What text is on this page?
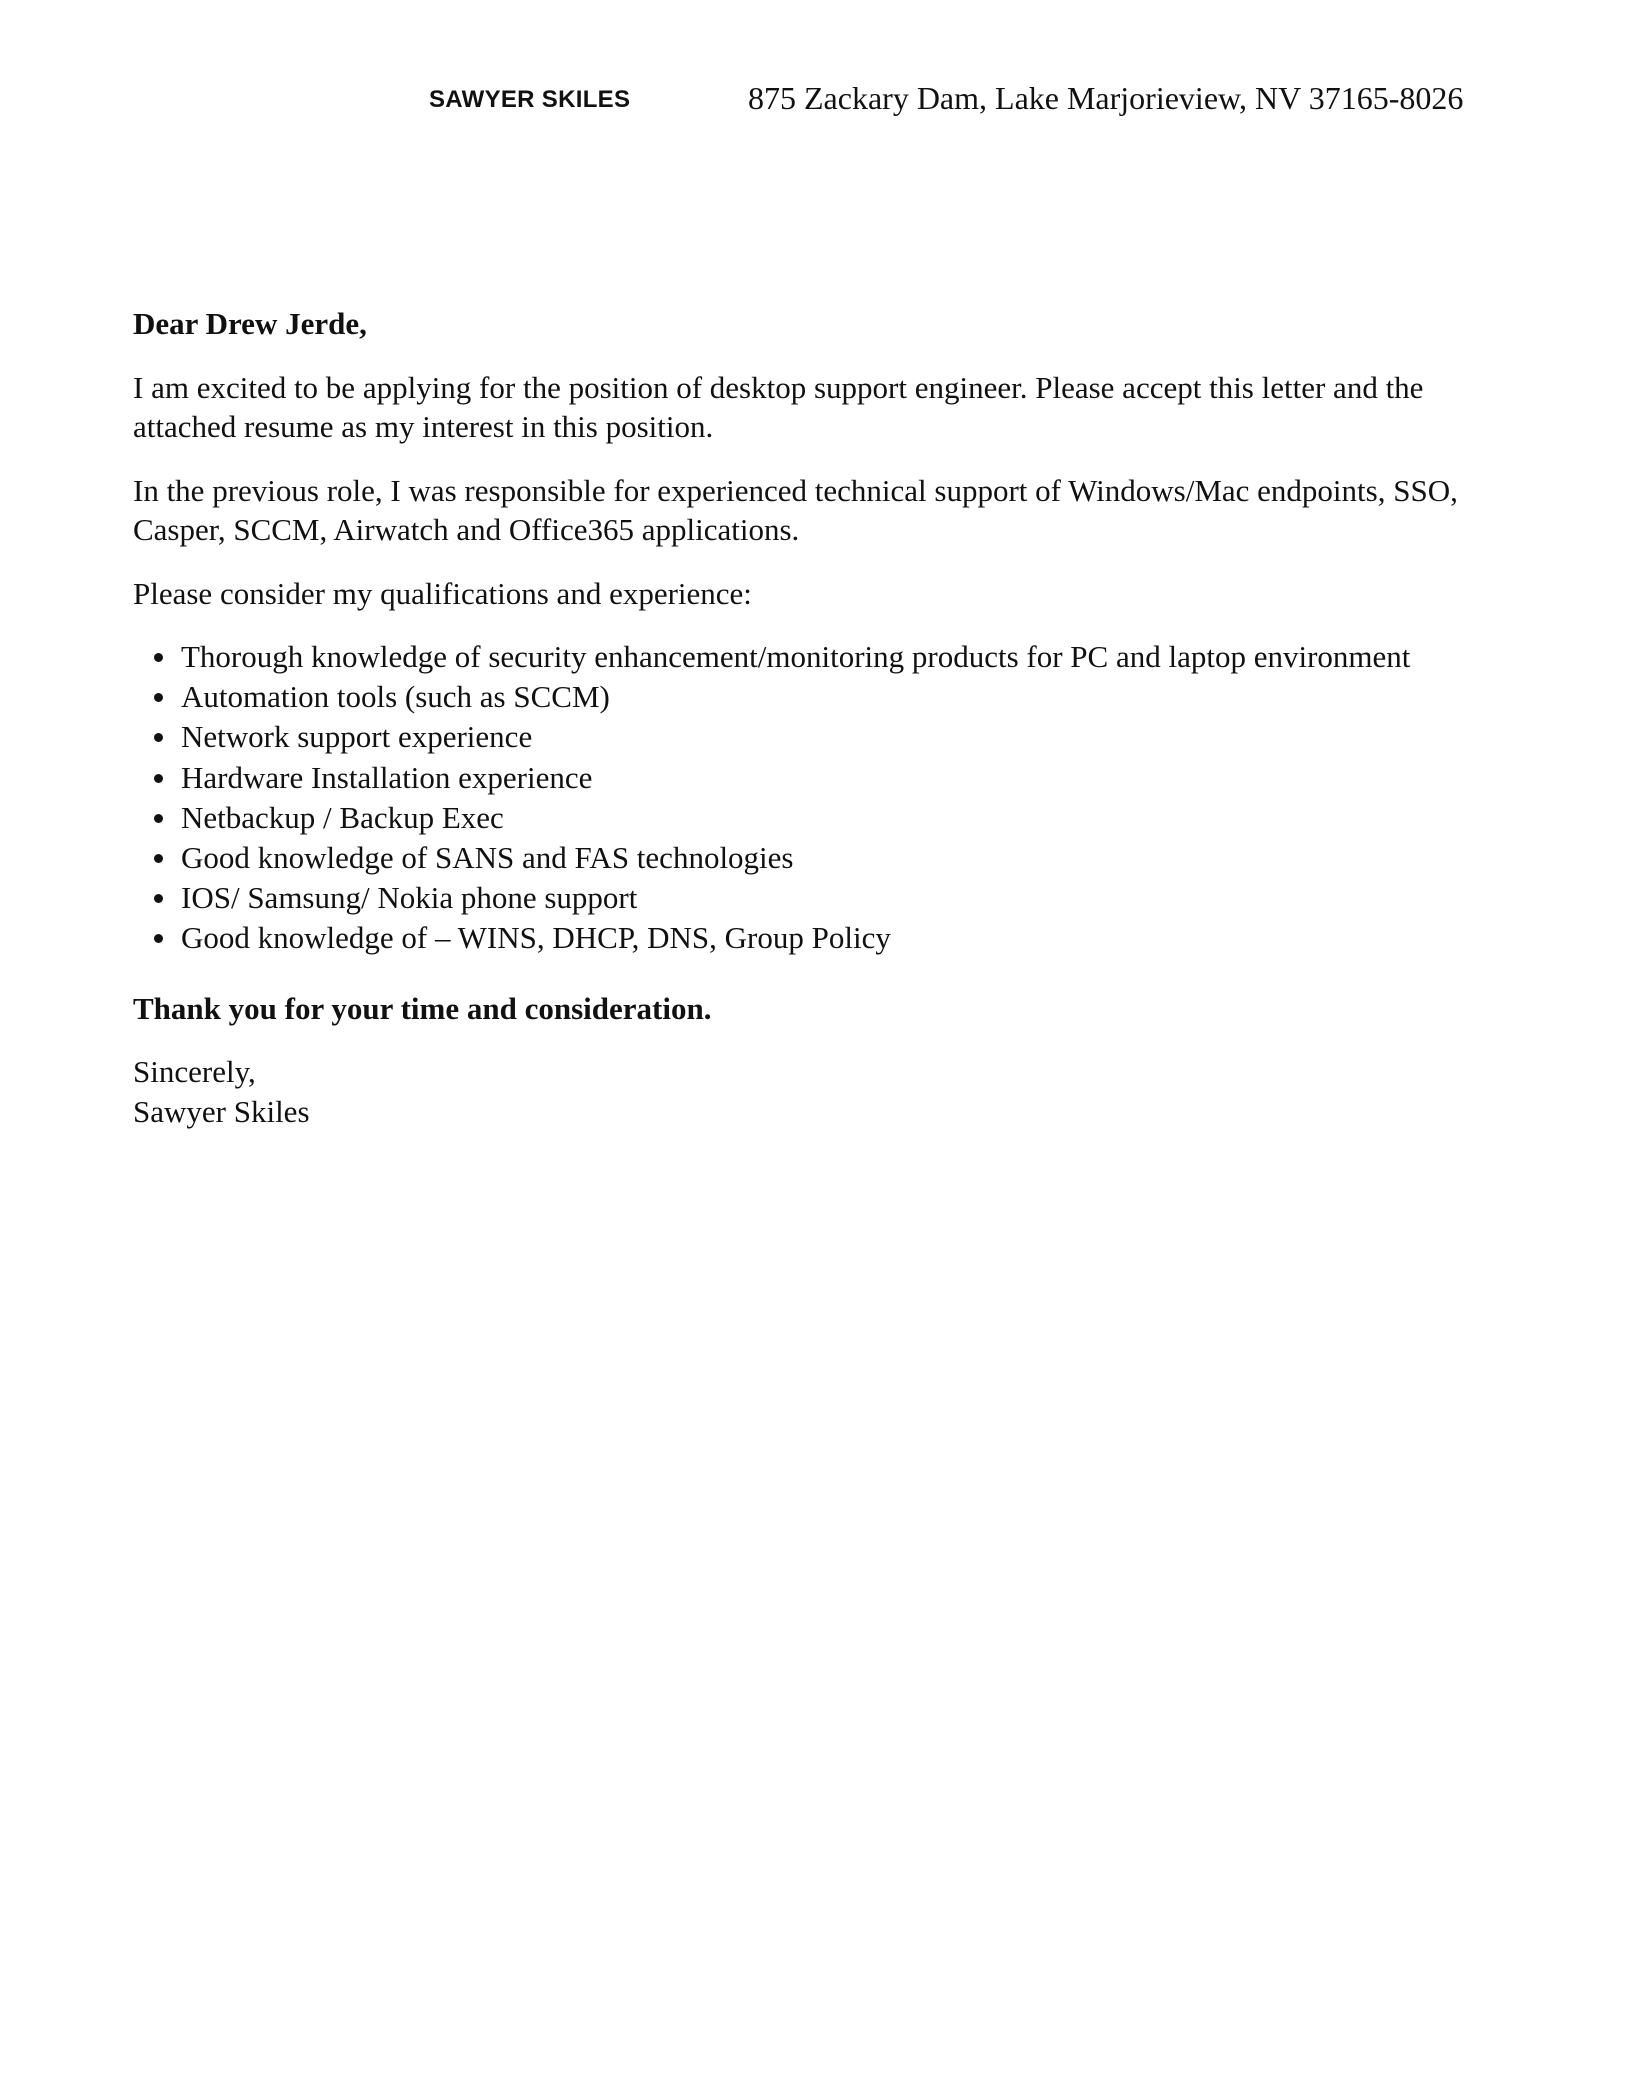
SAWYER SKILES	875 Zackary Dam, Lake Marjorieview, NV 37165-8026

Dear Drew Jerde,

I am excited to be applying for the position of desktop support engineer. Please accept this letter and the attached resume as my interest in this position.

In the previous role, I was responsible for experienced technical support of Windows/Mac endpoints, SSO, Casper, SCCM, Airwatch and Office365 applications.

Please consider my qualifications and experience:

Thorough knowledge of security enhancement/monitoring products for PC and laptop environment
Automation tools (such as SCCM)
Network support experience
Hardware Installation experience
Netbackup / Backup Exec
Good knowledge of SANS and FAS technologies
IOS/ Samsung/ Nokia phone support
Good knowledge of – WINS, DHCP, DNS, Group Policy

Thank you for your time and consideration.

Sincerely,
Sawyer Skiles
